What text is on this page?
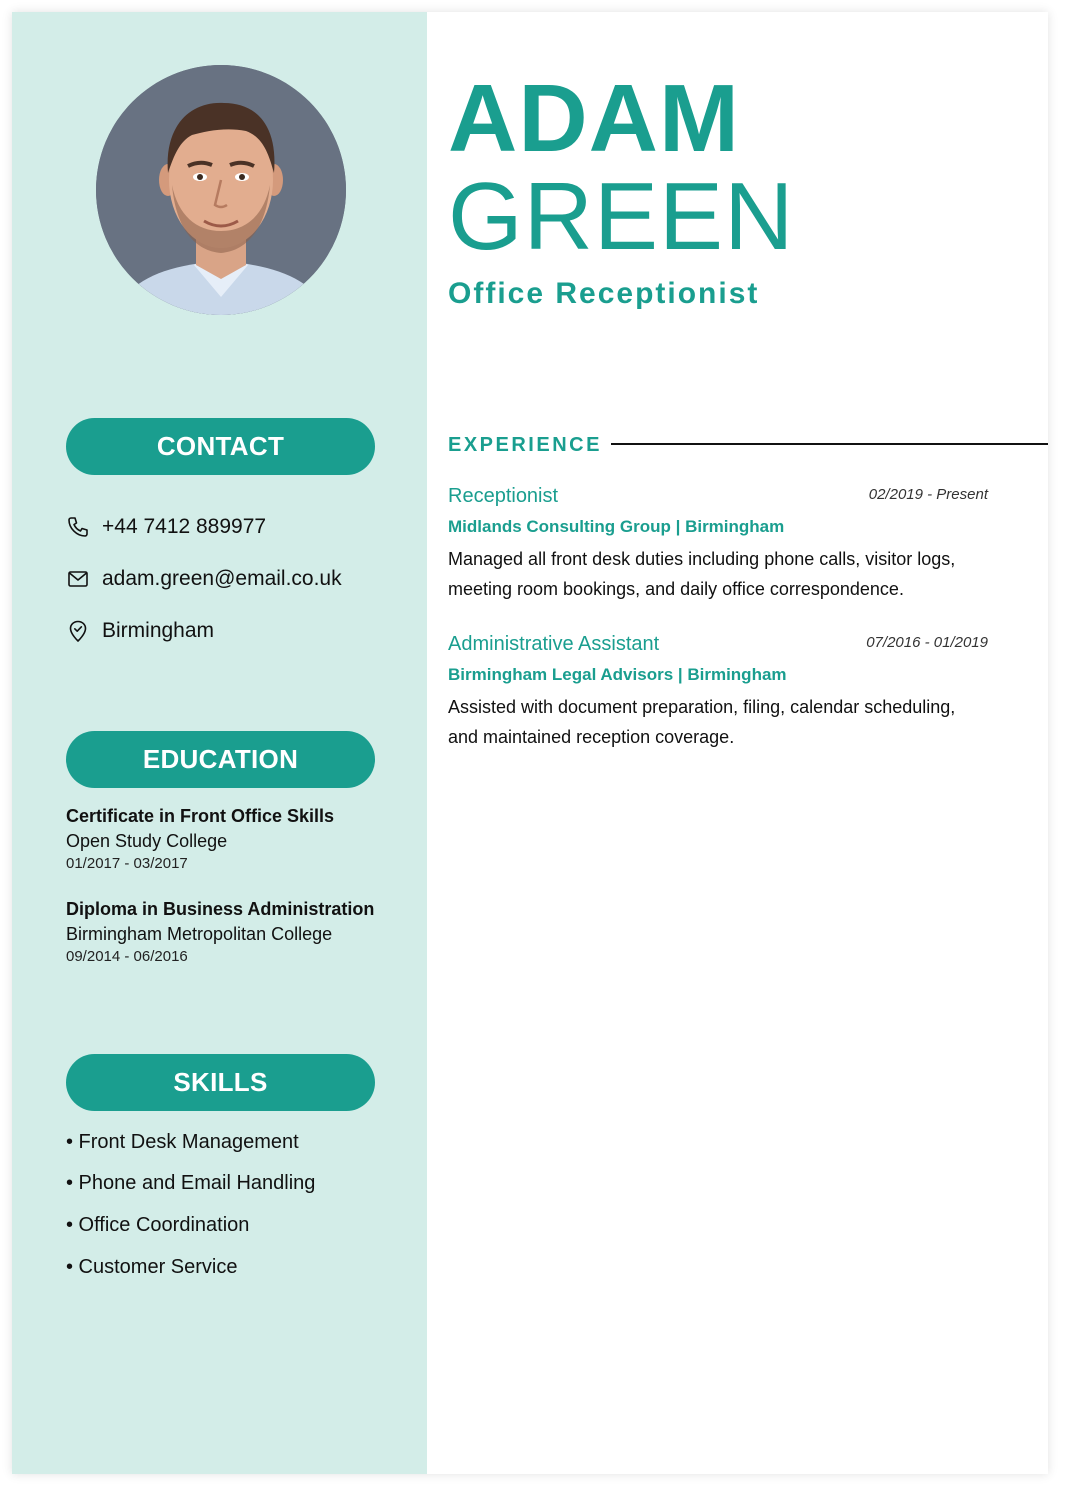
CONTACT
+44 7412 889977
adam.green@email.co.uk
Birmingham
EDUCATION
Certificate in Front Office Skills
Open Study College
01/2017 - 03/2017
Diploma in Business Administration
Birmingham Metropolitan College
09/2014 - 06/2016
SKILLS
• Front Desk Management
• Phone and Email Handling
• Office Coordination
• Customer Service
ADAM
GREEN
Office Receptionist
EXPERIENCE
Receptionist	02/2019 - Present
Midlands Consulting Group | Birmingham
Managed all front desk duties including phone calls, visitor logs, meeting room bookings, and daily office correspondence.
Administrative Assistant	07/2016 - 01/2019
Birmingham Legal Advisors | Birmingham
Assisted with document preparation, filing, calendar scheduling, and maintained reception coverage.
